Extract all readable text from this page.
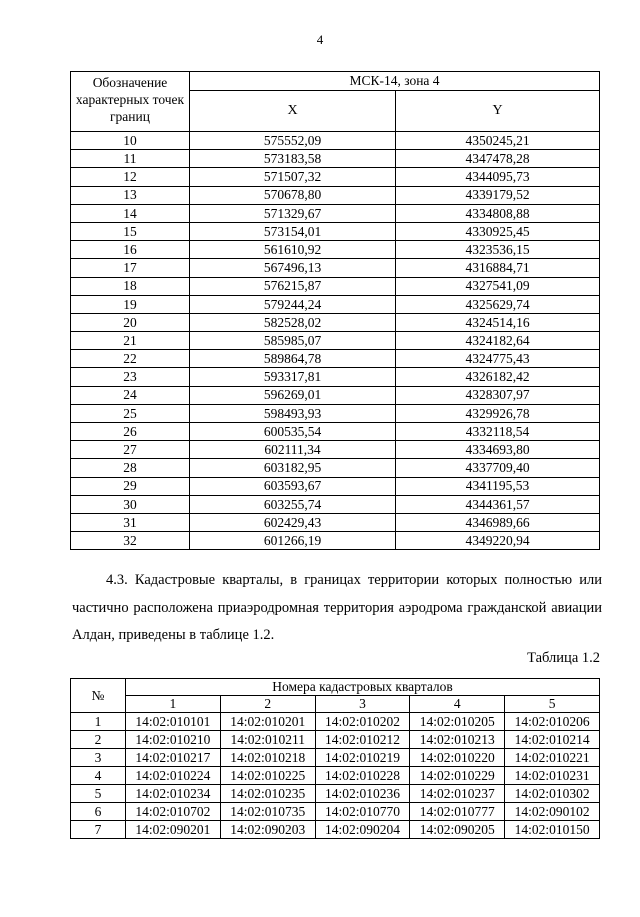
4
Обозначение характерных точек границ	МСК-14, зона 4	
	X	Y
10	575552,09	4350245,21
11	573183,58	4347478,28
12	571507,32	4344095,73
13	570678,80	4339179,52
14	571329,67	4334808,88
15	573154,01	4330925,45
16	561610,92	4323536,15
17	567496,13	4316884,71
18	576215,87	4327541,09
19	579244,24	4325629,74
20	582528,02	4324514,16
21	585985,07	4324182,64
22	589864,78	4324775,43
23	593317,81	4326182,42
24	596269,01	4328307,97
25	598493,93	4329926,78
26	600535,54	4332118,54
27	602111,34	4334693,80
28	603182,95	4337709,40
29	603593,67	4341195,53
30	603255,74	4344361,57
31	602429,43	4346989,66
32	601266,19	4349220,94
4.3. Кадастровые кварталы, в границах территории которых полностью или частично расположена приаэродромная территория аэродрома гражданской авиации Алдан, приведены в таблице 1.2.
Таблица 1.2
№	Номера кадастровых кварталов				
	1	2	3	4	5
1	14:02:010101	14:02:010201	14:02:010202	14:02:010205	14:02:010206
2	14:02:010210	14:02:010211	14:02:010212	14:02:010213	14:02:010214
3	14:02:010217	14:02:010218	14:02:010219	14:02:010220	14:02:010221
4	14:02:010224	14:02:010225	14:02:010228	14:02:010229	14:02:010231
5	14:02:010234	14:02:010235	14:02:010236	14:02:010237	14:02:010302
6	14:02:010702	14:02:010735	14:02:010770	14:02:010777	14:02:090102
7	14:02:090201	14:02:090203	14:02:090204	14:02:090205	14:02:010150
